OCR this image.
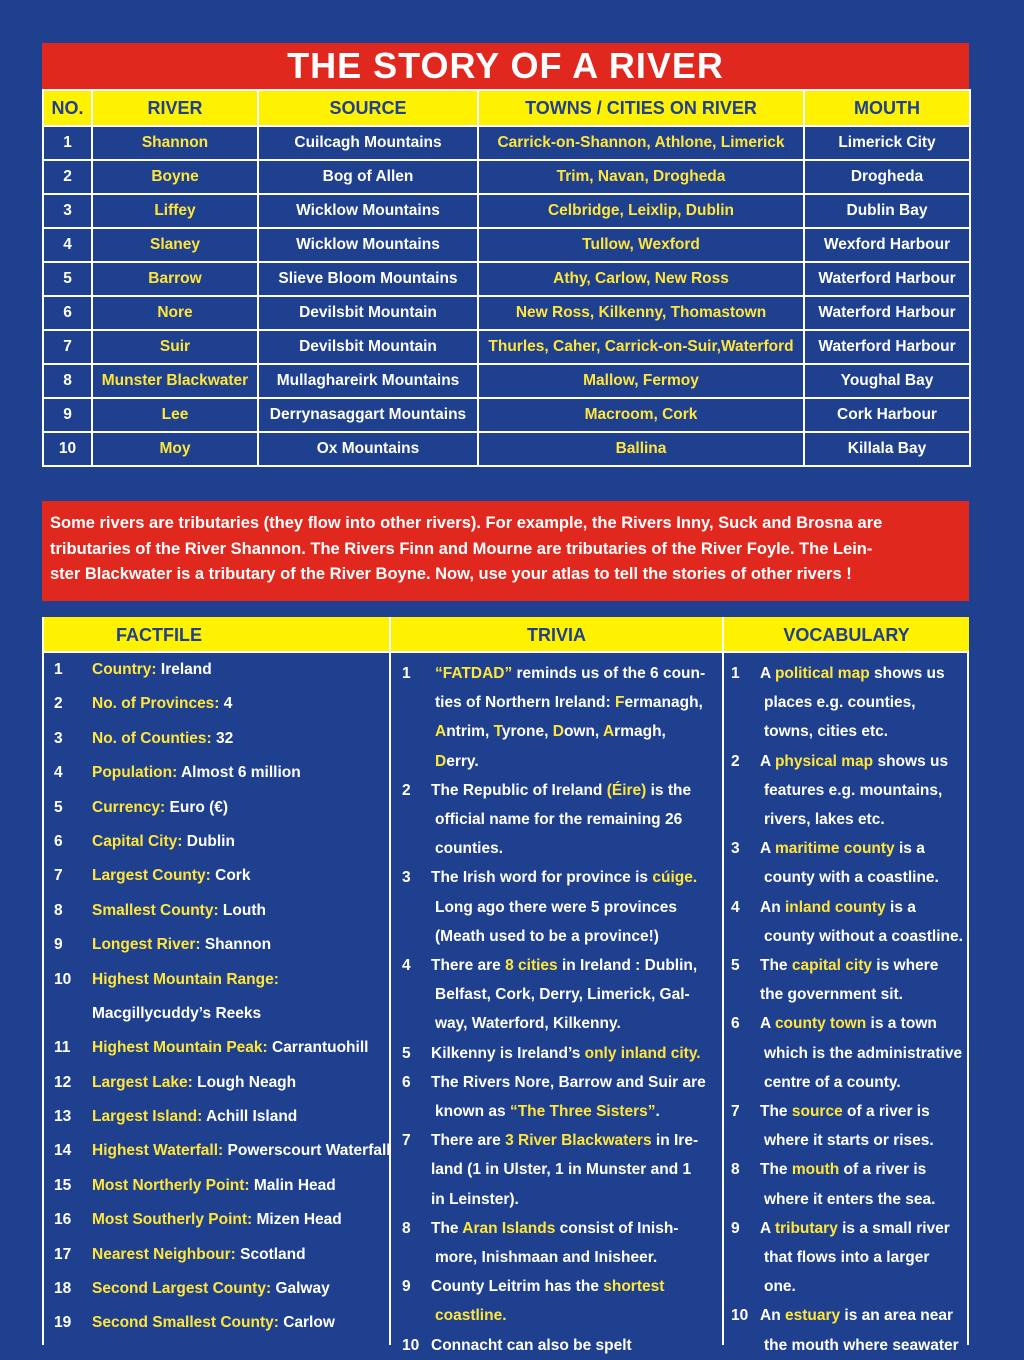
THE STORY OF A RIVER
NO.	RIVER	SOURCE	TOWNS / CITIES ON RIVER	MOUTH
1	Shannon	Cuilcagh Mountains	Carrick-on-Shannon, Athlone, Limerick	Limerick City
2	Boyne	Bog of Allen	Trim, Navan, Drogheda	Drogheda
3	Liffey	Wicklow Mountains	Celbridge, Leixlip, Dublin	Dublin Bay
4	Slaney	Wicklow Mountains	Tullow, Wexford	Wexford Harbour
5	Barrow	Slieve Bloom Mountains	Athy, Carlow, New Ross	Waterford Harbour
6	Nore	Devilsbit Mountain	New Ross, Kilkenny, Thomastown	Waterford Harbour
7	Suir	Devilsbit Mountain	Thurles, Caher, Carrick-on-Suir,Waterford	Waterford Harbour
8	Munster Blackwater	Mullaghareirk Mountains	Mallow, Fermoy	Youghal Bay
9	Lee	Derrynasaggart Mountains	Macroom, Cork	Cork Harbour
10	Moy	Ox Mountains	Ballina	Killala Bay
Some rivers are tributaries (they flow into other rivers). For example, the Rivers Inny, Suck and Brosna are
tributaries of the River Shannon. The Rivers Finn and Mourne are tributaries of the River Foyle. The Lein-
ster Blackwater is a tributary of the River Boyne. Now, use your atlas to tell the stories of other rivers !
FACTFILE
1	Country: Ireland
2	No. of Provinces: 4
3	No. of Counties: 32
4	Population: Almost 6 million
5	Currency: Euro (€)
6	Capital City: Dublin
7	Largest County: Cork
8	Smallest County: Louth
9	Longest River: Shannon
10	Highest Mountain Range:
Macgillycuddy’s Reeks
11	Highest Mountain Peak: Carrantuohill
12	Largest Lake: Lough Neagh
13	Largest Island: Achill Island
14	Highest Waterfall: Powerscourt Waterfall
15	Most Northerly Point: Malin Head
16	Most Southerly Point: Mizen Head
17	Nearest Neighbour: Scotland
18	Second Largest County: Galway
19	Second Smallest County: Carlow
TRIVIA
1	“FATDAD” reminds us of the 6 coun-
ties of Northern Ireland: Fermanagh,
Antrim, Tyrone, Down, Armagh,
Derry.
2	The Republic of Ireland (Éire) is the
official name for the remaining 26
counties.
3	The Irish word for province is cúige.
Long ago there were 5 provinces
(Meath used to be a province!)
4	There are 8 cities in Ireland : Dublin,
Belfast, Cork, Derry, Limerick, Gal-
way, Waterford, Kilkenny.
5	Kilkenny is Ireland’s only inland city.
6	The Rivers Nore, Barrow and Suir are
known as “The Three Sisters”.
7	There are 3 River Blackwaters in Ire-
land (1 in Ulster, 1 in Munster and 1
in Leinster).
8	The Aran Islands consist of Inish-
more, Inishmaan and Inisheer.
9	County Leitrim has the shortest
coastline.
10 Connacht can also be spelt
VOCABULARY
1	A political map shows us
places e.g. counties,
towns, cities etc.
2	A physical map shows us
features e.g. mountains,
rivers, lakes etc.
3	A maritime county is a
county with a coastline.
4	An inland county is a
county without a coastline.
5	The capital city is where
the government sit.
6	A county town is a town
which is the administrative
centre of a county.
7	The source of a river is
where it starts or rises.
8	The mouth of a river is
where it enters the sea.
9	A tributary is a small river
that flows into a larger
one.
10 An estuary is an area near
the mouth where seawater
